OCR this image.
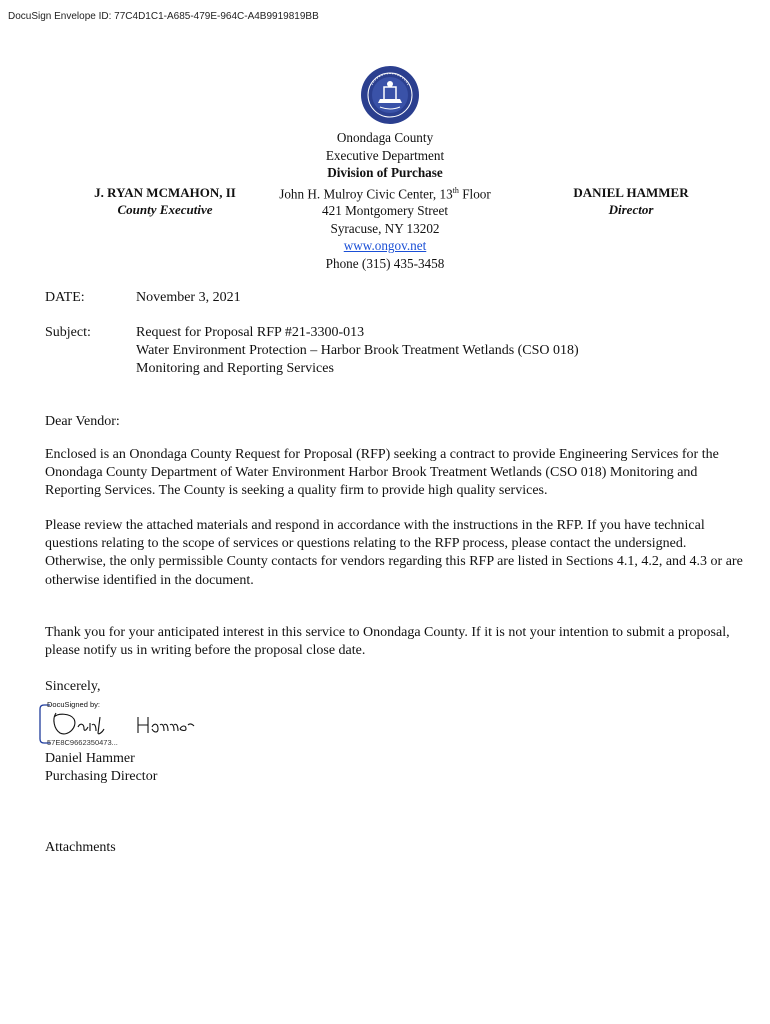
DocuSign Envelope ID: 77C4D1C1-A685-479E-964C-A4B9919819BB
Onondaga County
Executive Department
Division of Purchase
John H. Mulroy Civic Center, 13th Floor
421 Montgomery Street
Syracuse, NY 13202
www.ongov.net
Phone (315) 435-3458
J. RYAN MCMAHON, II
County Executive
DANIEL HAMMER
Director
DATE:	November 3, 2021
Subject:	Request for Proposal RFP #21-3300-013
Water Environment Protection – Harbor Brook Treatment Wetlands (CSO 018)
Monitoring and Reporting Services
Dear Vendor:
Enclosed is an Onondaga County Request for Proposal (RFP) seeking a contract to provide Engineering Services for the Onondaga County Department of Water Environment Harbor Brook Treatment Wetlands (CSO 018) Monitoring and Reporting Services. The County is seeking a quality firm to provide high quality services.
Please review the attached materials and respond in accordance with the instructions in the RFP. If you have technical questions relating to the scope of services or questions relating to the RFP process, please contact the undersigned. Otherwise, the only permissible County contacts for vendors regarding this RFP are listed in Sections 4.1, 4.2, and 4.3 or are otherwise identified in the document.
Thank you for your anticipated interest in this service to Onondaga County. If it is not your intention to submit a proposal, please notify us in writing before the proposal close date.
Sincerely,
DocuSigned by:
Daniel Hammer
57E8C9662350473...
Daniel Hammer
Purchasing Director
Attachments
